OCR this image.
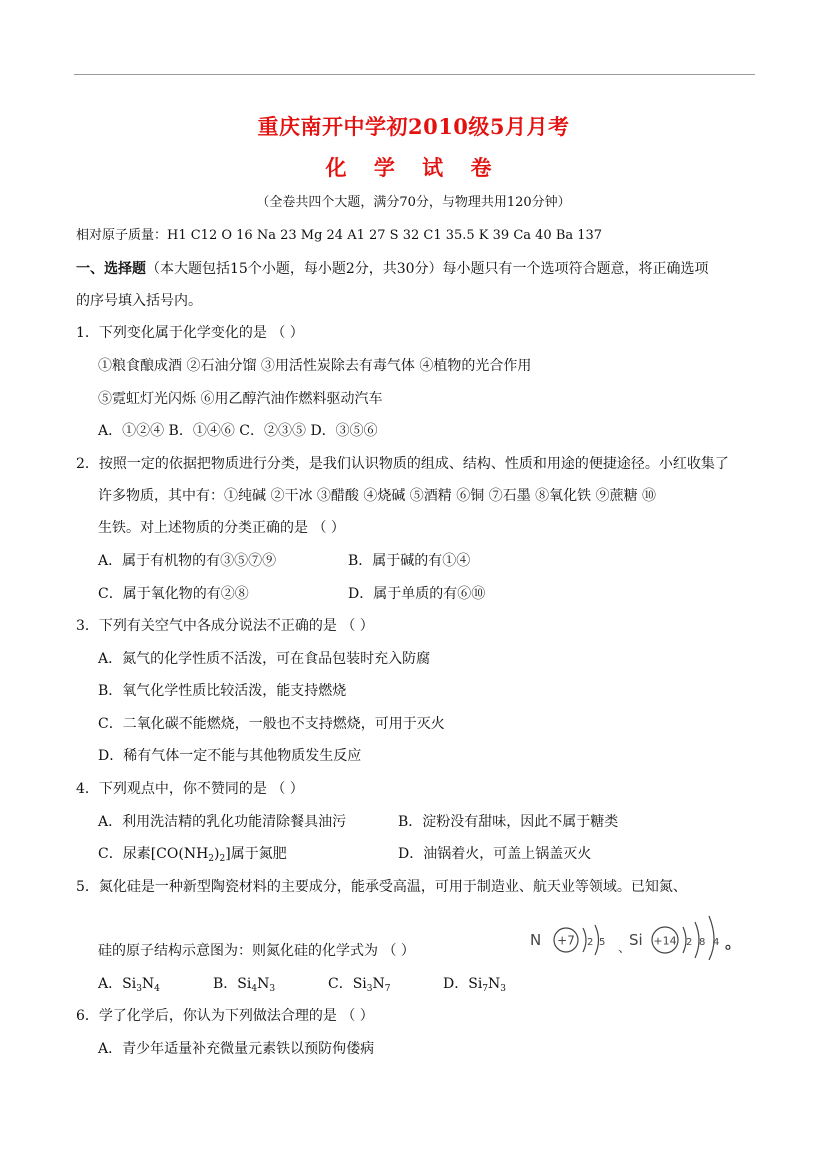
重庆南开中学初2010级5月月考
化 学 试 卷
（全卷共四个大题，满分70分，与物理共用120分钟）
相对原子质量：H1 C12 O 16 Na 23 Mg 24 A1 27 S 32 C1 35.5 K 39 Ca 40 Ba 137
一、选择题（本大题包括15个小题，每小题2分，共30分）每小题只有一个选项符合题意，将正确选项
的序号填入括号内。
1．下列变化属于化学变化的是 （ ）
①粮食酿成酒 ②石油分馏 ③用活性炭除去有毒气体 ④植物的光合作用
⑤霓虹灯光闪烁 ⑥用乙醇汽油作燃料驱动汽车
A．①②④ B．①④⑥ C．②③⑤ D．③⑤⑥
2．按照一定的依据把物质进行分类，是我们认识物质的组成、结构、性质和用途的便捷途径。小红收集了
许多物质，其中有：①纯碱 ②干冰 ③醋酸 ④烧碱 ⑤酒精 ⑥铜 ⑦石墨 ⑧氧化铁 ⑨蔗糖 ⑩
生铁。对上述物质的分类正确的是 （ ）
A．属于有机物的有③⑤⑦⑨	B．属于碱的有①④
C．属于氧化物的有②⑧	D．属于单质的有⑥⑩
3．下列有关空气中各成分说法不正确的是 （ ）
A．氮气的化学性质不活泼，可在食品包装时充入防腐
B．氧气化学性质比较活泼，能支持燃烧
C．二氧化碳不能燃烧，一般也不支持燃烧，可用于灭火
D．稀有气体一定不能与其他物质发生反应
4．下列观点中，你不赞同的是 （ ）
A．利用洗洁精的乳化功能清除餐具油污	B．淀粉没有甜味，因此不属于糖类
C．尿素$[CO(NH_2)_2]$属于氮肥	D．油锅着火，可盖上锅盖灭火
5．氮化硅是一种新型陶瓷材料的主要成分，能承受高温，可用于制造业、航天业等领域。已知氮、
硅的原子结构示意图为：则氮化硅的化学式为 （ ）
N +7 2 5 、
Si +14 2 8 4 。
A．$Si_3N_4$	B．$Si_4N_3$	C．$Si_3N_7$	D．$Si_7N_3$
6．学了化学后，你认为下列做法合理的是 （ ）
A．青少年适量补充微量元素铁以预防佝偻病
